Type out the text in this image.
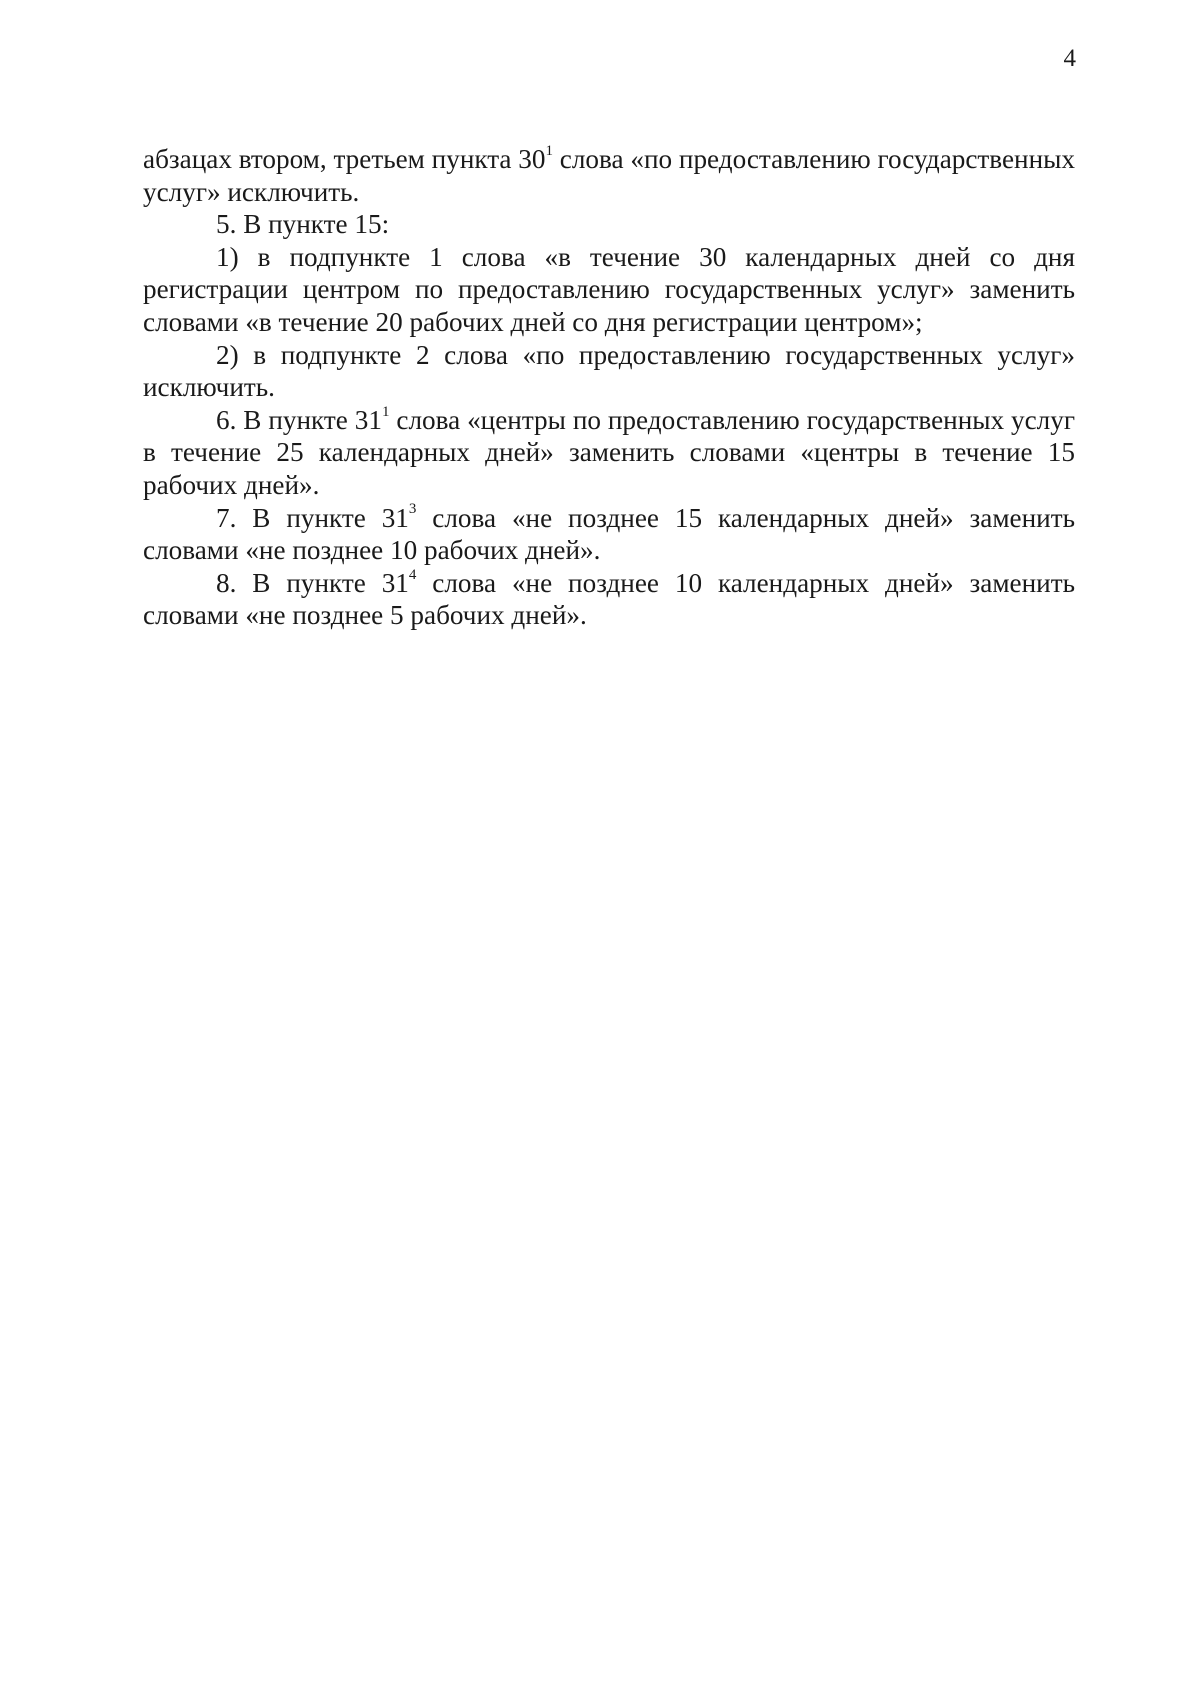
4

абзацах втором, третьем пункта $30^1$ слова «по предоставлению государственных услуг» исключить.

5. В пункте 15:

1) в подпункте 1 слова «в течение 30 календарных дней со дня регистрации центром по предоставлению государственных услуг» заменить словами «в течение 20 рабочих дней со дня регистрации центром»;

2) в подпункте 2 слова «по предоставлению государственных услуг» исключить.

6. В пункте $31^1$ слова «центры по предоставлению государственных услуг в течение 25 календарных дней» заменить словами «центры в течение 15 рабочих дней».

7. В пункте $31^3$ слова «не позднее 15 календарных дней» заменить словами «не позднее 10 рабочих дней».

8. В пункте $31^4$ слова «не позднее 10 календарных дней» заменить словами «не позднее 5 рабочих дней».
